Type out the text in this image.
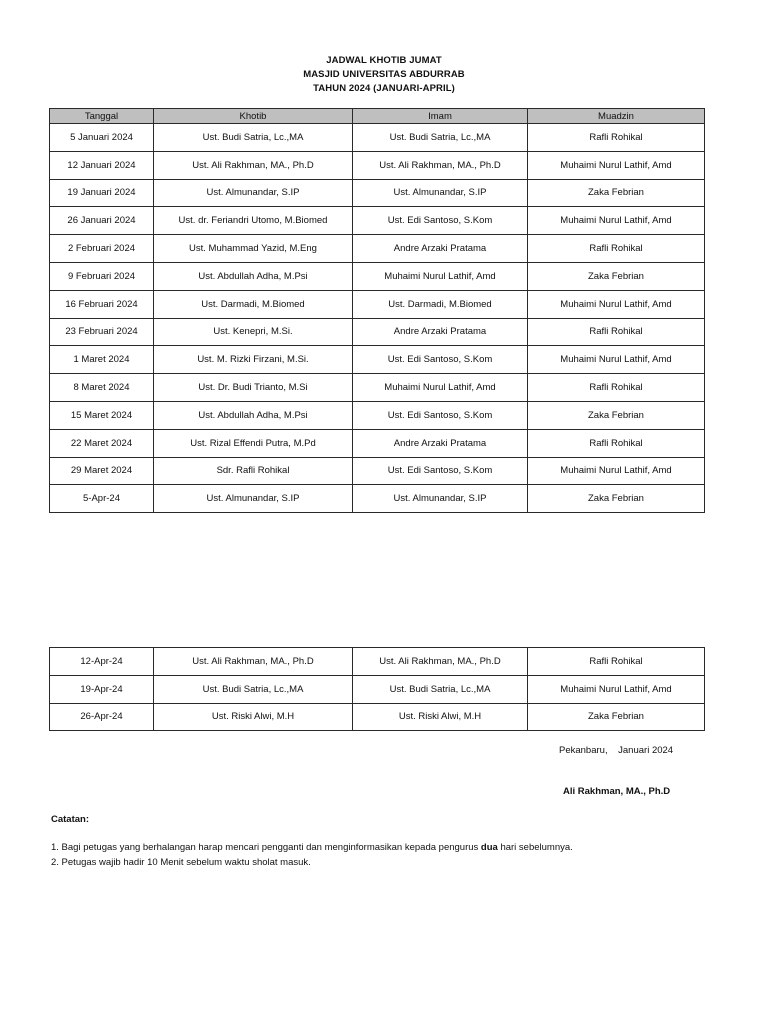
JADWAL KHOTIB JUMAT
MASJID UNIVERSITAS ABDURRAB
TAHUN 2024 (JANUARI-APRIL)
Tanggal	Khotib	Imam	Muadzin
5 Januari 2024	Ust. Budi Satria, Lc.,MA	Ust. Budi Satria, Lc.,MA	Rafli Rohikal
12 Januari 2024	Ust. Ali Rakhman, MA., Ph.D	Ust. Ali Rakhman, MA., Ph.D	Muhaimi Nurul Lathif, Amd
19 Januari 2024	Ust. Almunandar, S.IP	Ust. Almunandar, S.IP	Zaka Febrian
26 Januari 2024	Ust. dr. Feriandri Utomo, M.Biomed	Ust. Edi Santoso, S.Kom	Muhaimi Nurul Lathif, Amd
2 Februari 2024	Ust. Muhammad Yazid, M.Eng	Andre Arzaki Pratama	Rafli Rohikal
9 Februari 2024	Ust. Abdullah Adha, M.Psi	Muhaimi Nurul Lathif, Amd	Zaka Febrian
16 Februari 2024	Ust. Darmadi, M.Biomed	Ust. Darmadi, M.Biomed	Muhaimi Nurul Lathif, Amd
23 Februari 2024	Ust. Kenepri, M.Si.	Andre Arzaki Pratama	Rafli Rohikal
1 Maret 2024	Ust. M. Rizki Firzani, M.Si.	Ust. Edi Santoso, S.Kom	Muhaimi Nurul Lathif, Amd
8 Maret 2024	Ust. Dr. Budi Trianto, M.Si	Muhaimi Nurul Lathif, Amd	Rafli Rohikal
15 Maret 2024	Ust. Abdullah Adha, M.Psi	Ust. Edi Santoso, S.Kom	Zaka Febrian
22 Maret 2024	Ust. Rizal Effendi Putra, M.Pd	Andre Arzaki Pratama	Rafli Rohikal
29 Maret 2024	Sdr. Rafli Rohikal	Ust. Edi Santoso, S.Kom	Muhaimi Nurul Lathif, Amd
5-Apr-24	Ust. Almunandar, S.IP	Ust. Almunandar, S.IP	Zaka Febrian
12-Apr-24	Ust. Ali Rakhman, MA., Ph.D	Ust. Ali Rakhman, MA., Ph.D	Rafli Rohikal
19-Apr-24	Ust. Budi Satria, Lc.,MA	Ust. Budi Satria, Lc.,MA	Muhaimi Nurul Lathif, Amd
26-Apr-24	Ust. Riski Alwi, M.H	Ust. Riski Alwi, M.H	Zaka Febrian
Pekanbaru,    Januari 2024
Ali Rakhman, MA., Ph.D
Catatan:
1. Bagi petugas yang berhalangan harap mencari pengganti dan menginformasikan kepada pengurus dua hari sebelumnya.
2. Petugas wajib hadir 10 Menit sebelum waktu sholat masuk.
